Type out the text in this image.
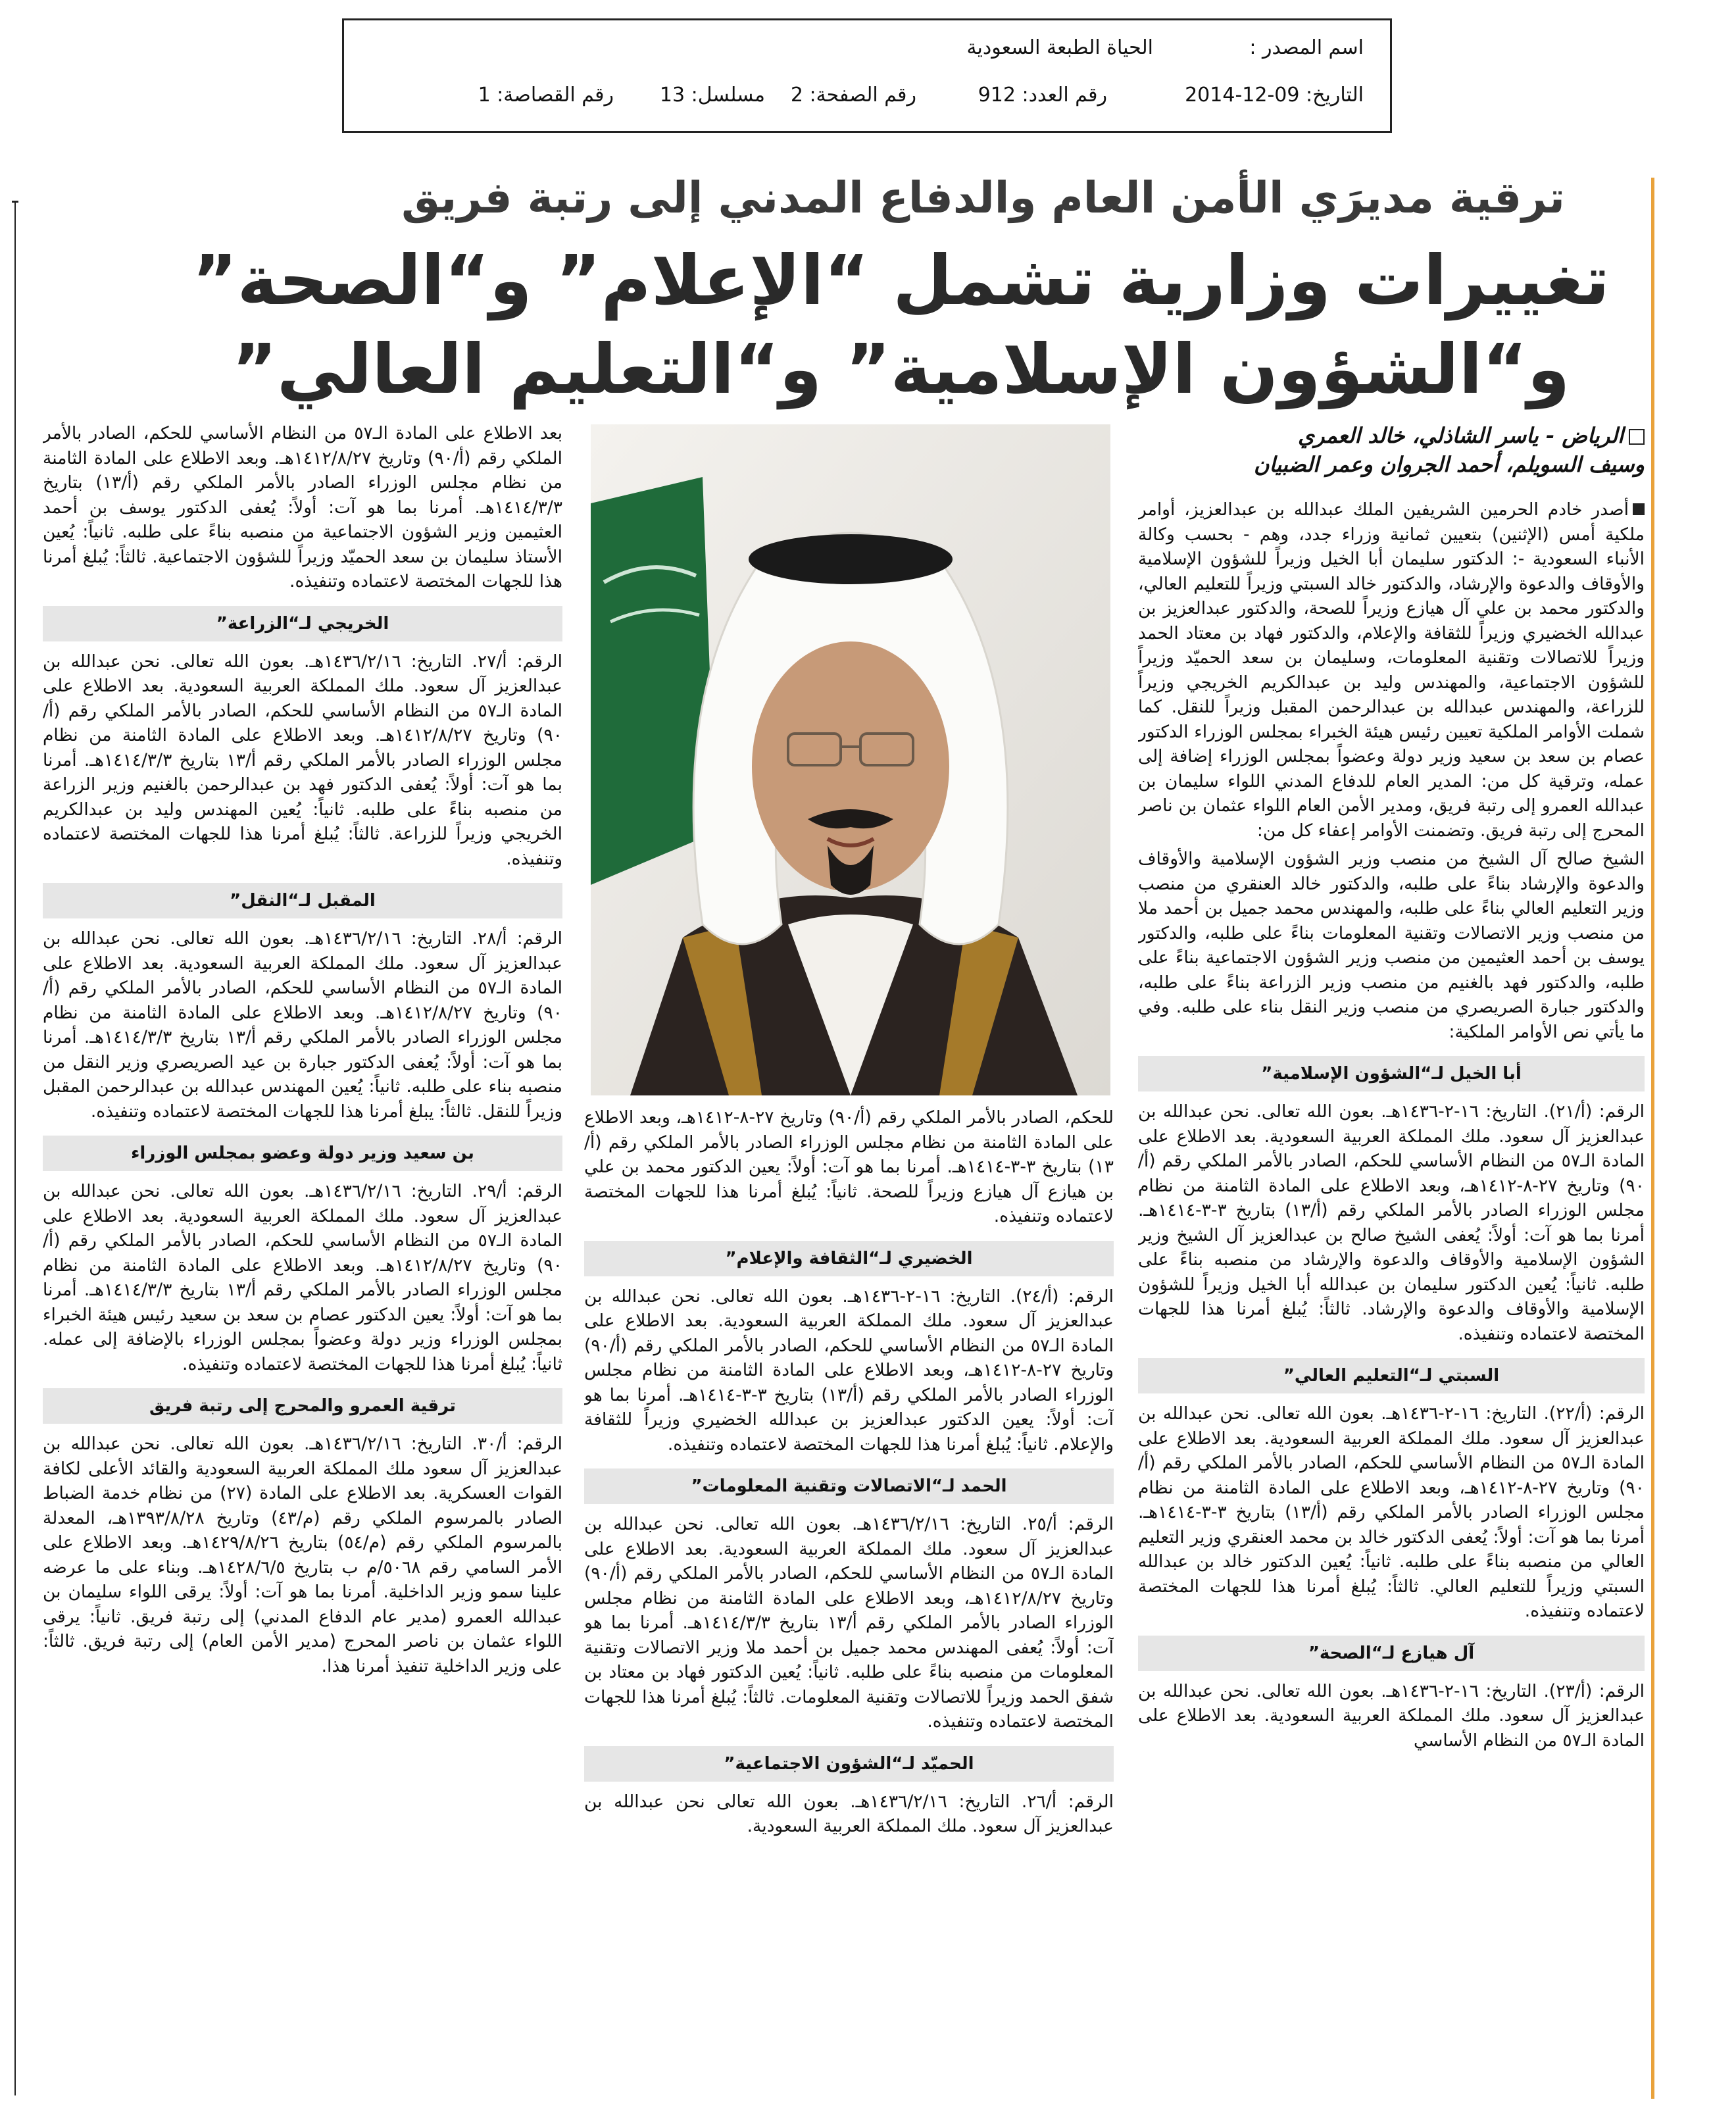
اسم المصدر :
الحياة الطبعة السعودية
التاريخ: 09-12-2014
رقم العدد: 912
رقم الصفحة: 2
مسلسل: 13
رقم القصاصة: 1
ترقية مديرَي الأمن العام والدفاع المدني إلى رتبة فريق
تغييرات وزارية تشمل “الإعلام” و“الصحة”
و“الشؤون الإسلامية” و“التعليم العالي”
الرياض - ياسر الشاذلي، خالد العمري
وسيف السويلم، أحمد الجروان وعمر الضبيان

أصدر خادم الحرمين الشريفين الملك عبدالله بن عبدالعزيز، أوامر ملكية أمس (الإثنين) بتعيين ثمانية وزراء جدد، وهم - بحسب وكالة الأنباء السعودية -: الدكتور سليمان أبا الخيل وزيراً للشؤون الإسلامية والأوقاف والدعوة والإرشاد، والدكتور خالد السبتي وزيراً للتعليم العالي، والدكتور محمد بن علي آل هيازع وزيراً للصحة، والدكتور عبدالعزيز بن عبدالله الخضيري وزيراً للثقافة والإعلام، والدكتور فهاد بن معتاد الحمد وزيراً للاتصالات وتقنية المعلومات، وسليمان بن سعد الحميّد وزيراً للشؤون الاجتماعية، والمهندس وليد بن عبدالكريم الخريجي وزيراً للزراعة، والمهندس عبدالله بن عبدالرحمن المقبل وزيراً للنقل. كما شملت الأوامر الملكية تعيين رئيس هيئة الخبراء بمجلس الوزراء الدكتور عصام بن سعد بن سعيد وزير دولة وعضواً بمجلس الوزراء إضافة إلى عمله، وترقية كل من: المدير العام للدفاع المدني اللواء سليمان بن عبدالله العمرو إلى رتبة فريق، ومدير الأمن العام اللواء عثمان بن ناصر المحرج إلى رتبة فريق. وتضمنت الأوامر إعفاء كل من:

الشيخ صالح آل الشيخ من منصب وزير الشؤون الإسلامية والأوقاف والدعوة والإرشاد بناءً على طلبه، والدكتور خالد العنقري من منصب وزير التعليم العالي بناءً على طلبه، والمهندس محمد جميل بن أحمد ملا من منصب وزير الاتصالات وتقنية المعلومات بناءً على طلبه، والدكتور يوسف بن أحمد العثيمين من منصب وزير الشؤون الاجتماعية بناءً على طلبه، والدكتور فهد بالغنيم من منصب وزير الزراعة بناءً على طلبه، والدكتور جبارة الصريصري من منصب وزير النقل بناء على طلبه. وفي ما يأتي نص الأوامر الملكية:

أبا الخيل لـ“الشؤون الإسلامية”

الرقم: (أ/٢١). التاريخ: ١٦-٢-١٤٣٦هـ. بعون الله تعالى. نحن عبدالله بن عبدالعزيز آل سعود. ملك المملكة العربية السعودية. بعد الاطلاع على المادة الـ٥٧ من النظام الأساسي للحكم، الصادر بالأمر الملكي رقم (أ/٩٠) وتاريخ ٢٧-٨-١٤١٢هـ، وبعد الاطلاع على المادة الثامنة من نظام مجلس الوزراء الصادر بالأمر الملكي رقم (أ/١٣) بتاريخ ٣-٣-١٤١٤هـ. أمرنا بما هو آت: أولاً: يُعفى الشيخ صالح بن عبدالعزيز آل الشيخ وزير الشؤون الإسلامية والأوقاف والدعوة والإرشاد من منصبه بناءً على طلبه. ثانياً: يُعين الدكتور سليمان بن عبدالله أبا الخيل وزيراً للشؤون الإسلامية والأوقاف والدعوة والإرشاد. ثالثاً: يُبلغ أمرنا هذا للجهات المختصة لاعتماده وتنفيذه.

السبتي لـ“التعليم العالي”

الرقم: (أ/٢٢). التاريخ: ١٦-٢-١٤٣٦هـ. بعون الله تعالى. نحن عبدالله بن عبدالعزيز آل سعود. ملك المملكة العربية السعودية. بعد الاطلاع على المادة الـ٥٧ من النظام الأساسي للحكم، الصادر بالأمر الملكي رقم (أ/٩٠) وتاريخ ٢٧-٨-١٤١٢هـ، وبعد الاطلاع على المادة الثامنة من نظام مجلس الوزراء الصادر بالأمر الملكي رقم (أ/١٣) بتاريخ ٣-٣-١٤١٤هـ. أمرنا بما هو آت: أولاً: يُعفى الدكتور خالد بن محمد العنقري وزير التعليم العالي من منصبه بناءً على طلبه. ثانياً: يُعين الدكتور خالد بن عبدالله السبتي وزيراً للتعليم العالي. ثالثاً: يُبلغ أمرنا هذا للجهات المختصة لاعتماده وتنفيذه.

آل هيازع لـ“الصحة”

الرقم: (أ/٢٣). التاريخ: ١٦-٢-١٤٣٦هـ. بعون الله تعالى. نحن عبدالله بن عبدالعزيز آل سعود. ملك المملكة العربية السعودية. بعد الاطلاع على المادة الـ٥٧ من النظام الأساسي

للحكم، الصادر بالأمر الملكي رقم (أ/٩٠) وتاريخ ٢٧-٨-١٤١٢هـ، وبعد الاطلاع على المادة الثامنة من نظام مجلس الوزراء الصادر بالأمر الملكي رقم (أ/١٣) بتاريخ ٣-٣-١٤١٤هـ. أمرنا بما هو آت: أولاً: يعين الدكتور محمد بن علي بن هيازع آل هيازع وزيراً للصحة. ثانياً: يُبلغ أمرنا هذا للجهات المختصة لاعتماده وتنفيذه.

الخضيري لـ“الثقافة والإعلام”

الرقم: (أ/٢٤). التاريخ: ١٦-٢-١٤٣٦هـ. بعون الله تعالى. نحن عبدالله بن عبدالعزيز آل سعود. ملك المملكة العربية السعودية. بعد الاطلاع على المادة الـ٥٧ من النظام الأساسي للحكم، الصادر بالأمر الملكي رقم (أ/٩٠) وتاريخ ٢٧-٨-١٤١٢هـ، وبعد الاطلاع على المادة الثامنة من نظام مجلس الوزراء الصادر بالأمر الملكي رقم (أ/١٣) بتاريخ ٣-٣-١٤١٤هـ. أمرنا بما هو آت: أولاً: يعين الدكتور عبدالعزيز بن عبدالله الخضيري وزيراً للثقافة والإعلام. ثانياً: يُبلغ أمرنا هذا للجهات المختصة لاعتماده وتنفيذه.

الحمد لـ“الاتصالات وتقنية المعلومات”

الرقم: أ/٢٥. التاريخ: ١٤٣٦/٢/١٦هـ. بعون الله تعالى. نحن عبدالله بن عبدالعزيز آل سعود. ملك المملكة العربية السعودية. بعد الاطلاع على المادة الـ٥٧ من النظام الأساسي للحكم، الصادر بالأمر الملكي رقم (أ/٩٠) وتاريخ ١٤١٢/٨/٢٧هـ، وبعد الاطلاع على المادة الثامنة من نظام مجلس الوزراء الصادر بالأمر الملكي رقم أ/١٣ بتاريخ ١٤١٤/٣/٣هـ. أمرنا بما هو آت: أولاً: يُعفى المهندس محمد جميل بن أحمد ملا وزير الاتصالات وتقنية المعلومات من منصبه بناءً على طلبه. ثانياً: يُعين الدكتور فهاد بن معتاد بن شفق الحمد وزيراً للاتصالات وتقنية المعلومات. ثالثاً: يُبلغ أمرنا هذا للجهات المختصة لاعتماده وتنفيذه.

الحميّد لـ“الشؤون الاجتماعية”

الرقم: أ/٢٦. التاريخ: ١٤٣٦/٢/١٦هـ. بعون الله تعالى نحن عبدالله بن عبدالعزيز آل سعود. ملك المملكة العربية السعودية.

بعد الاطلاع على المادة الـ٥٧ من النظام الأساسي للحكم، الصادر بالأمر الملكي رقم (أ/٩٠) وتاريخ ١٤١٢/٨/٢٧هـ. وبعد الاطلاع على المادة الثامنة من نظام مجلس الوزراء الصادر بالأمر الملكي رقم (أ/١٣) بتاريخ ١٤١٤/٣/٣هـ. أمرنا بما هو آت: أولاً: يُعفى الدكتور يوسف بن أحمد العثيمين وزير الشؤون الاجتماعية من منصبه بناءً على طلبه. ثانياً: يُعين الأستاذ سليمان بن سعد الحميّد وزيراً للشؤون الاجتماعية. ثالثاً: يُبلغ أمرنا هذا للجهات المختصة لاعتماده وتنفيذه.

الخريجي لـ“الزراعة”

الرقم: أ/٢٧. التاريخ: ١٤٣٦/٢/١٦هـ. بعون الله تعالى. نحن عبدالله بن عبدالعزيز آل سعود. ملك المملكة العربية السعودية. بعد الاطلاع على المادة الـ٥٧ من النظام الأساسي للحكم، الصادر بالأمر الملكي رقم (أ/٩٠) وتاريخ ١٤١٢/٨/٢٧هـ. وبعد الاطلاع على المادة الثامنة من نظام مجلس الوزراء الصادر بالأمر الملكي رقم أ/١٣ بتاريخ ١٤١٤/٣/٣هـ. أمرنا بما هو آت: أولاً: يُعفى الدكتور فهد بن عبدالرحمن بالغنيم وزير الزراعة من منصبه بناءً على طلبه. ثانياً: يُعين المهندس وليد بن عبدالكريم الخريجي وزيراً للزراعة. ثالثاً: يُبلغ أمرنا هذا للجهات المختصة لاعتماده وتنفيذه.

المقبل لـ“النقل”

الرقم: أ/٢٨. التاريخ: ١٤٣٦/٢/١٦هـ. بعون الله تعالى. نحن عبدالله بن عبدالعزيز آل سعود. ملك المملكة العربية السعودية. بعد الاطلاع على المادة الـ٥٧ من النظام الأساسي للحكم، الصادر بالأمر الملكي رقم (أ/٩٠) وتاريخ ١٤١٢/٨/٢٧هـ. وبعد الاطلاع على المادة الثامنة من نظام مجلس الوزراء الصادر بالأمر الملكي رقم أ/١٣ بتاريخ ١٤١٤/٣/٣هـ. أمرنا بما هو آت: أولاً: يُعفى الدكتور جبارة بن عيد الصريصري وزير النقل من منصبه بناء على طلبه. ثانياً: يُعين المهندس عبدالله بن عبدالرحمن المقبل وزيراً للنقل. ثالثاً: يبلغ أمرنا هذا للجهات المختصة لاعتماده وتنفيذه.

بن سعيد وزير دولة وعضو بمجلس الوزراء

الرقم: أ/٢٩. التاريخ: ١٤٣٦/٢/١٦هـ. بعون الله تعالى. نحن عبدالله بن عبدالعزيز آل سعود. ملك المملكة العربية السعودية. بعد الاطلاع على المادة الـ٥٧ من النظام الأساسي للحكم، الصادر بالأمر الملكي رقم (أ/٩٠) وتاريخ ١٤١٢/٨/٢٧هـ. وبعد الاطلاع على المادة الثامنة من نظام مجلس الوزراء الصادر بالأمر الملكي رقم أ/١٣ بتاريخ ١٤١٤/٣/٣هـ. أمرنا بما هو آت: أولاً: يعين الدكتور عصام بن سعد بن سعيد رئيس هيئة الخبراء بمجلس الوزراء وزير دولة وعضواً بمجلس الوزراء بالإضافة إلى عمله. ثانياً: يُبلغ أمرنا هذا للجهات المختصة لاعتماده وتنفيذه.

ترقية العمرو والمحرج إلى رتبة فريق

الرقم: أ/٣٠. التاريخ: ١٤٣٦/٢/١٦هـ. بعون الله تعالى. نحن عبدالله بن عبدالعزيز آل سعود ملك المملكة العربية السعودية والقائد الأعلى لكافة القوات العسكرية. بعد الاطلاع على المادة (٢٧) من نظام خدمة الضباط الصادر بالمرسوم الملكي رقم (م/٤٣) وتاريخ ١٣٩٣/٨/٢٨هـ، المعدلة بالمرسوم الملكي رقم (م/٥٤) بتاريخ ١٤٢٩/٨/٢٦هـ. وبعد الاطلاع على الأمر السامي رقم ٥٠٦٨/م ب بتاريخ ١٤٢٨/٦/٥هـ. وبناء على ما عرضه علينا سمو وزير الداخلية. أمرنا بما هو آت: أولاً: يرقى اللواء سليمان بن عبدالله العمرو (مدير عام الدفاع المدني) إلى رتبة فريق. ثانياً: يرقى اللواء عثمان بن ناصر المحرج (مدير الأمن العام) إلى رتبة فريق. ثالثاً: على وزير الداخلية تنفيذ أمرنا هذا.
